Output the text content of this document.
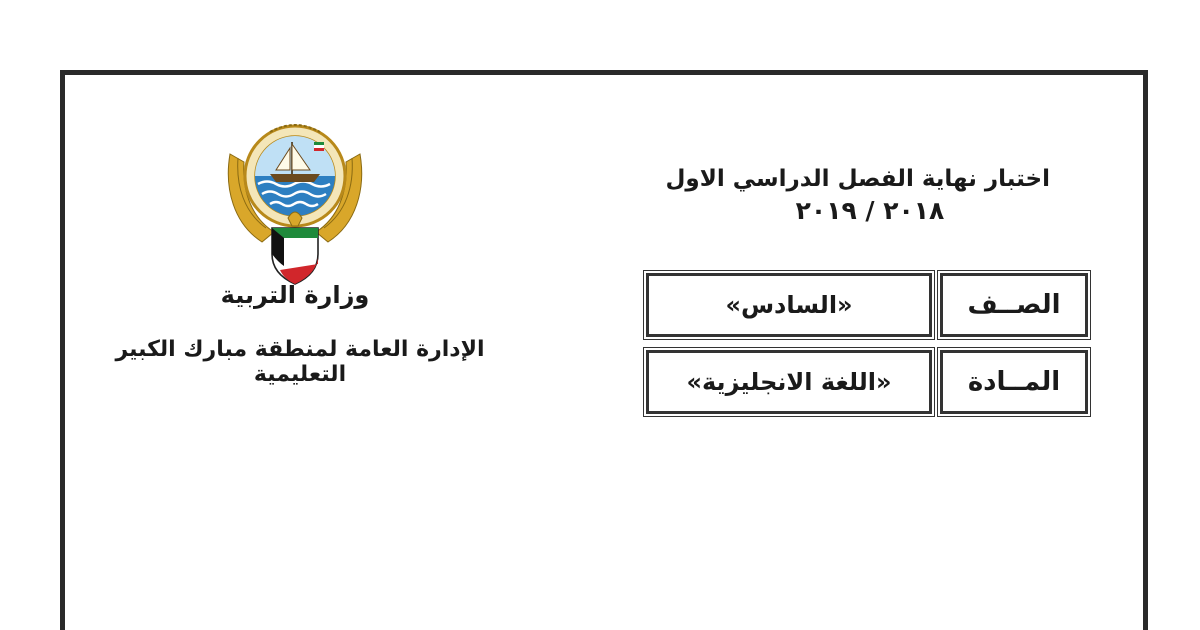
وزارة التربية
الإدارة العامة لمنطقة مبارك الكبير التعليمية
اختبار نهاية الفصل الدراسي الاول
٢٠١٨ / ٢٠١٩
الصــف
«السادس»
المــادة
«اللغة الانجليزية»
